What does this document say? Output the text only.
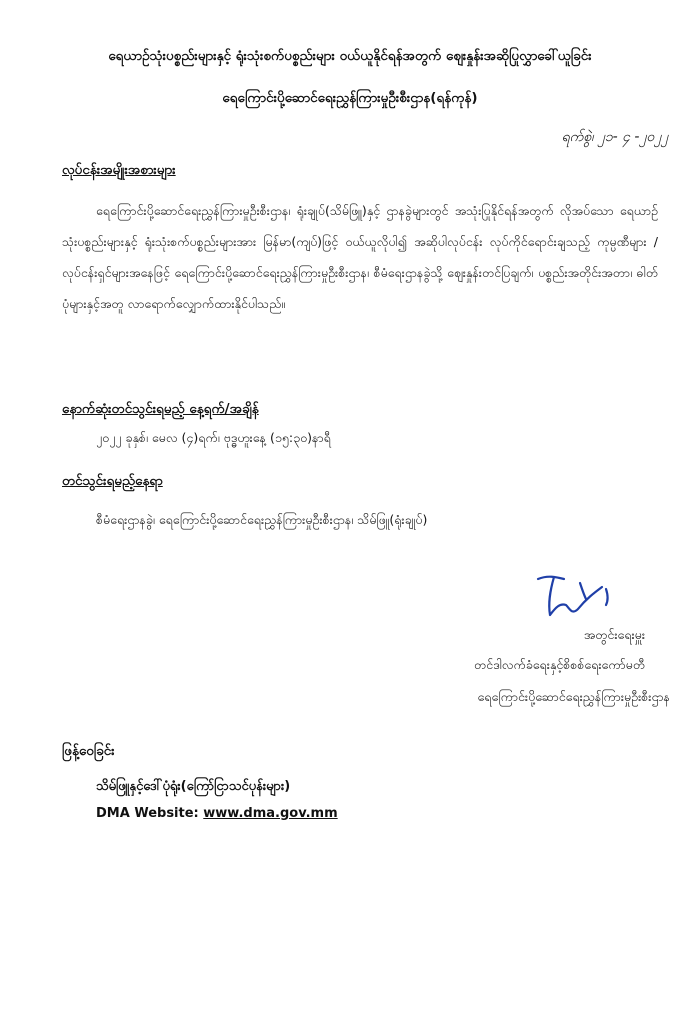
ရေယာဉ်သုံးပစ္စည်းများနှင့် ရုံးသုံးစက်ပစ္စည်းများ ဝယ်ယူနိုင်ရန်အတွက် ဈေးနှုန်းအဆိုပြုလွှာခေါ်ယူခြင်း
ရေကြောင်းပို့ဆောင်ရေးညွှန်ကြားမှုဦးစီးဌာန(ရန်ကုန်)
ရက်စွဲ၊ ၂၁- ၄ -၂၀၂၂
လုပ်ငန်းအမျိုးအစားများ
ရေကြောင်းပို့ဆောင်ရေးညွှန်ကြားမှုဦးစီးဌာန၊ ရုံးချုပ်(သိမ်ဖြူ)နှင့် ဌာနခွဲများတွင် အသုံးပြုနိုင်ရန်အတွက် လိုအပ်သော ရေယာဉ်သုံးပစ္စည်းများနှင့် ရုံးသုံးစက်ပစ္စည်းများအား မြန်မာ(ကျပ်)ဖြင့် ဝယ်ယူလိုပါ၍ အဆိုပါလုပ်ငန်း လုပ်ကိုင်ရောင်းချသည့် ကုမ္ပဏီများ / လုပ်ငန်းရှင်များအနေဖြင့် ရေကြောင်းပို့ဆောင်ရေးညွှန်ကြားမှုဦးစီးဌာန၊ စီမံရေးဌာနခွဲသို့ ဈေးနှုန်းတင်ပြချက်၊ ပစ္စည်းအတိုင်းအတာ၊ ဓါတ်ပုံများနှင့်အတူ လာရောက်လျှောက်ထားနိုင်ပါသည်။
နောက်ဆုံးတင်သွင်းရမည့် နေ့ရက်/အချိန်
၂၀၂၂ ခုနှစ်၊ မေလ (၄)ရက်၊ ဗုဒ္ဓဟူးနေ့ (၁၅:၃၀)နာရီ
တင်သွင်းရမည့်နေရာ
စီမံရေးဌာနခွဲ၊ ရေကြောင်းပို့ဆောင်ရေးညွှန်ကြားမှုဦးစီးဌာန၊ သိမ်ဖြူ(ရုံးချုပ်)
အတွင်းရေးမှူး
တင်ဒါလက်ခံရေးနှင့်စိစစ်ရေးကော်မတီ
ရေကြောင်းပို့ဆောင်ရေးညွှန်ကြားမှုဦးစီးဌာန
ဖြန့်ဝေခြင်း
သိမ်ဖြူနှင့်ဒေါ်ပုံရုံး(ကြော်ငြာသင်ပုန်းများ)
DMA Website: www.dma.gov.mm
